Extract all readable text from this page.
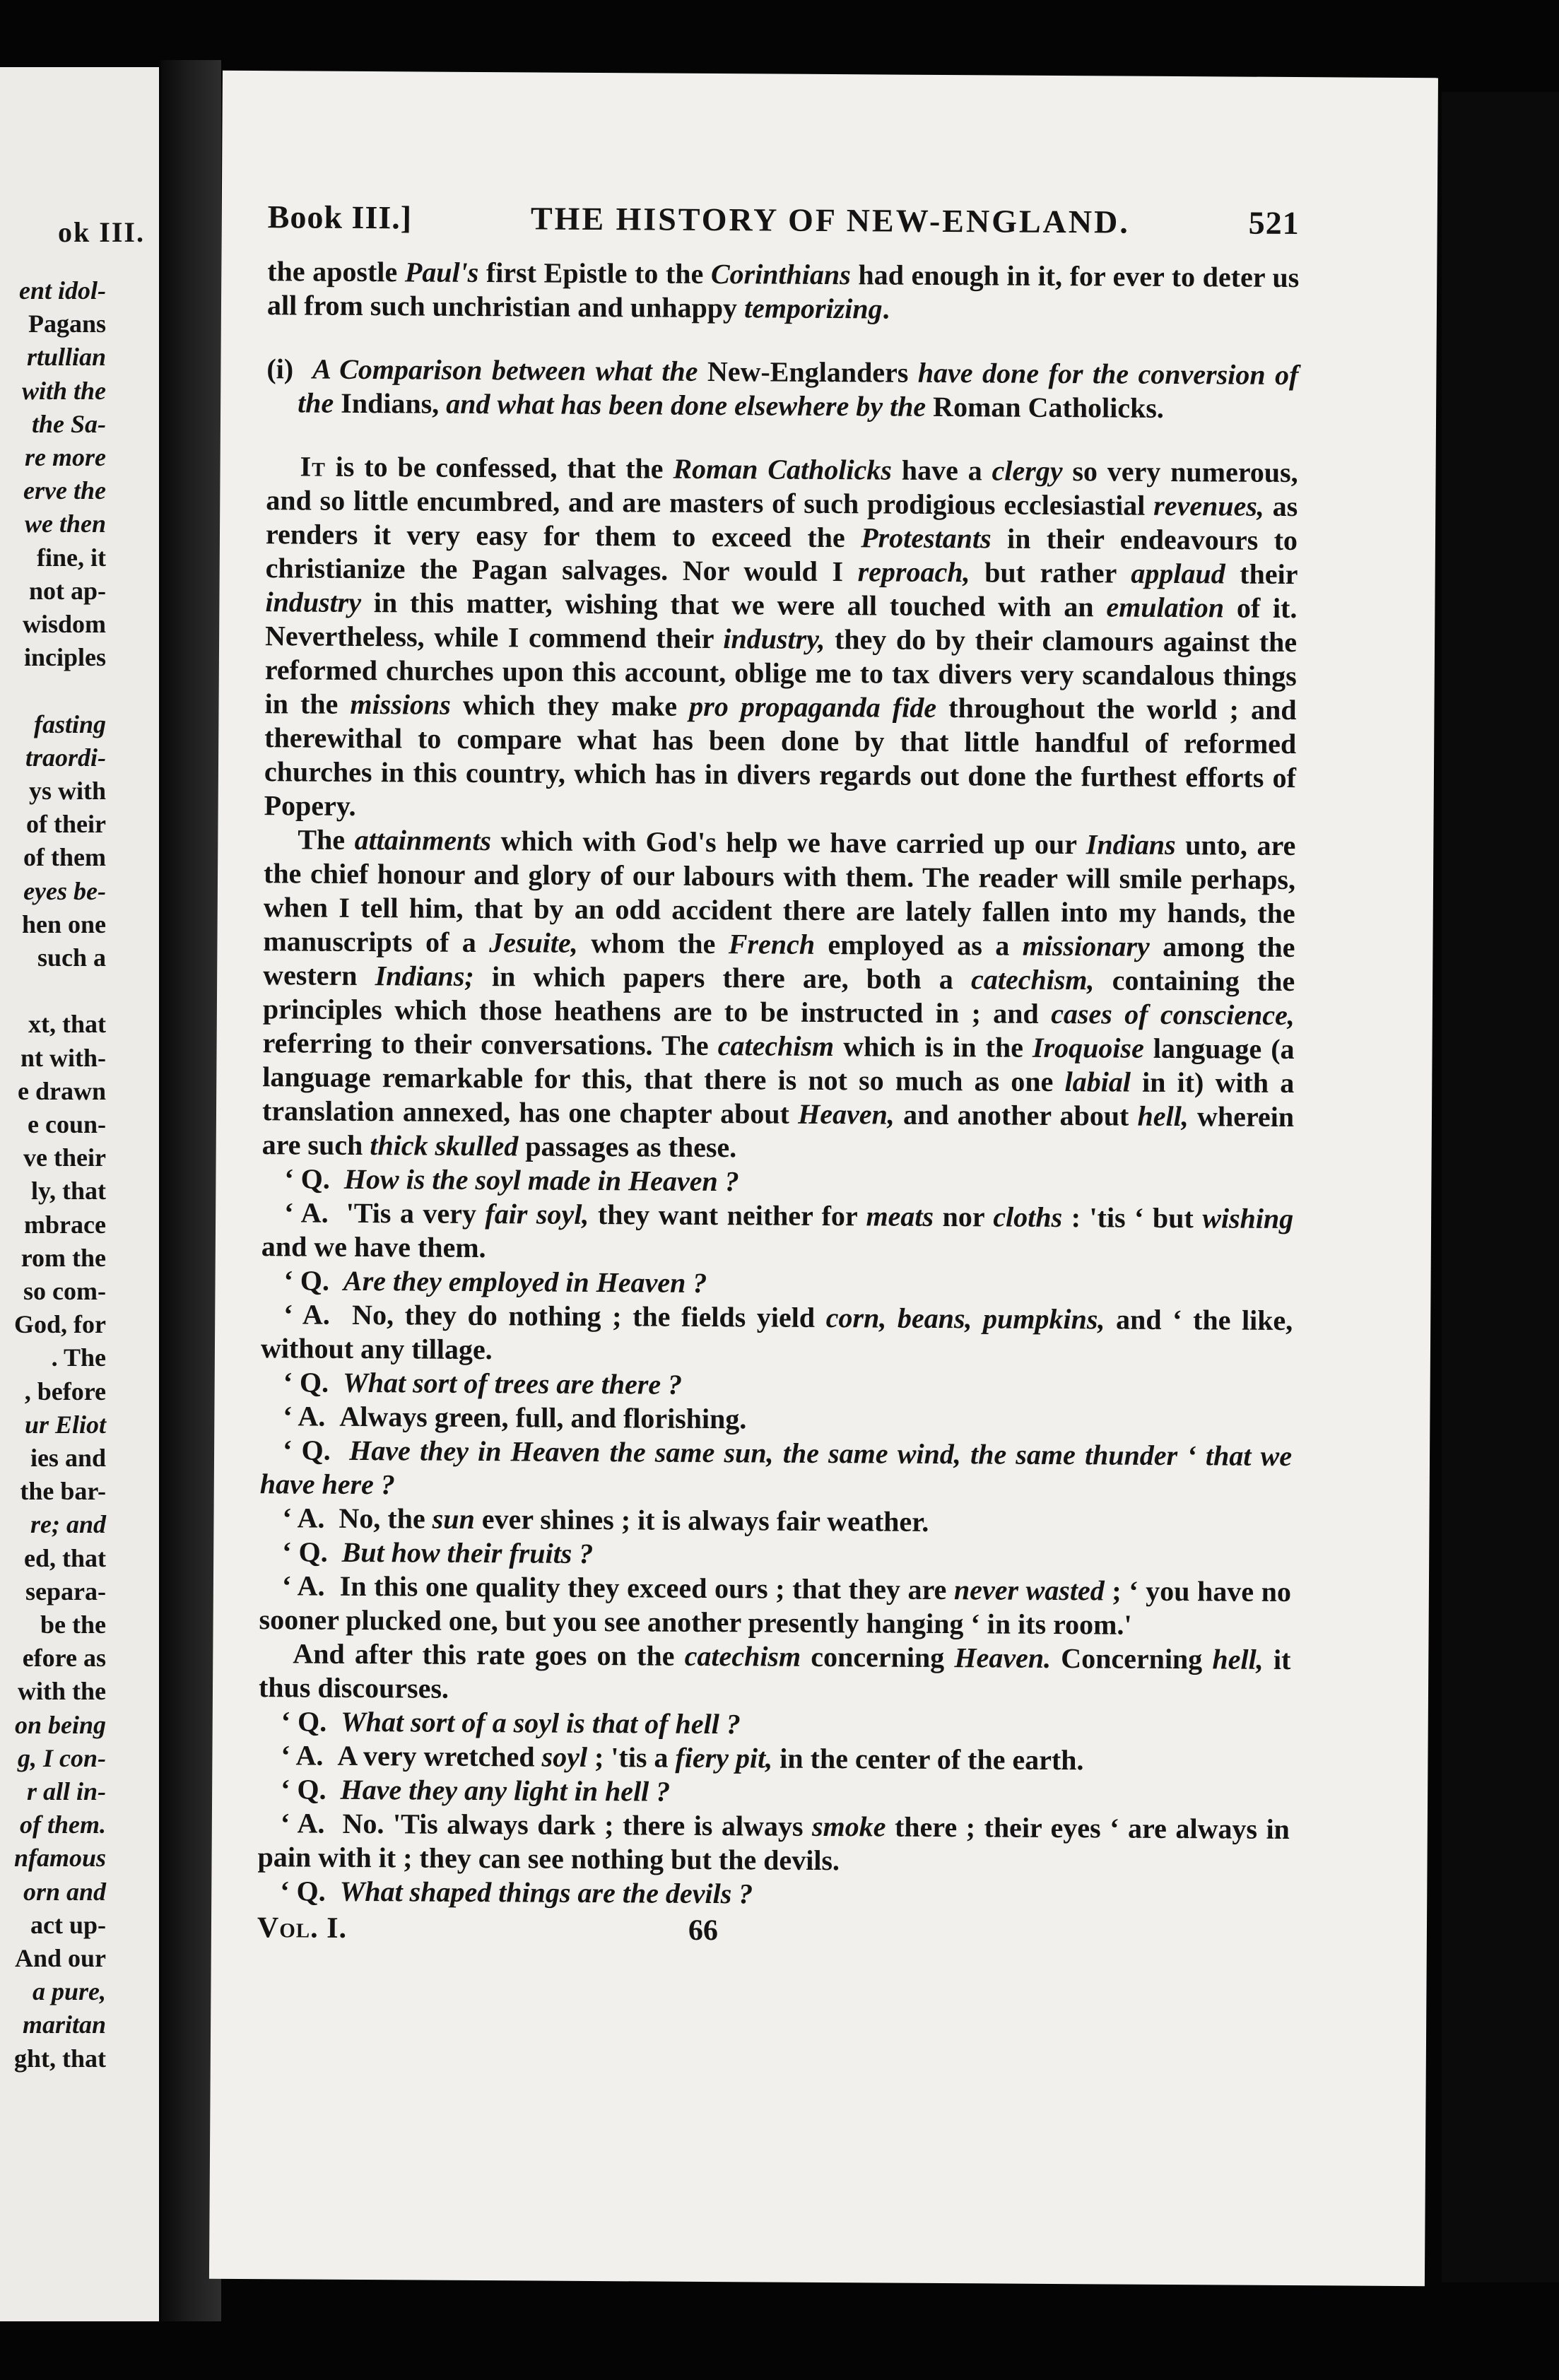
ok III.
ent idol-
Pagans
rtullian
with the
the Sa-
re more
erve the
we then
fine, it
not ap-
wisdom
inciples
fasting
traordi-
ys with
of their
of them
eyes be-
hen one
such a
xt, that
nt with-
e drawn
e coun-
ve their
ly, that
mbrace
rom the
so com-
God, for
. The
, before
ur Eliot
ies and
the bar-
re; and
ed, that
separa-
be the
efore as
with the
on being
g, I con-
r all in-
of them.
nfamous
orn and
act up-
And our
a pure,
maritan
ght, that
Book III.]	THE HISTORY OF NEW-ENGLAND.	521

the apostle Paul's first Epistle to the Corinthians had enough in it, for ever to deter us all from such unchristian and unhappy temporizing.

(i) A Comparison between what the New-Englanders have done for the conversion of the Indians, and what has been done elsewhere by the Roman Catholicks.

It is to be confessed, that the Roman Catholicks have a clergy so very numerous, and so little encumbred, and are masters of such prodigious ecclesiastial revenues, as renders it very easy for them to exceed the Protestants in their endeavours to christianize the Pagan salvages. Nor would I reproach, but rather applaud their industry in this matter, wishing that we were all touched with an emulation of it. Nevertheless, while I commend their industry, they do by their clamours against the reformed churches upon this account, oblige me to tax divers very scandalous things in the missions which they make pro propaganda fide throughout the world ; and therewithal to compare what has been done by that little handful of reformed churches in this country, which has in divers regards out done the furthest efforts of Popery.

The attainments which with God's help we have carried up our Indians unto, are the chief honour and glory of our labours with them. The reader will smile perhaps, when I tell him, that by an odd accident there are lately fallen into my hands, the manuscripts of a Jesuite, whom the French employed as a missionary among the western Indians; in which papers there are, both a catechism, containing the principles which those heathens are to be instructed in ; and cases of conscience, referring to their conversations. The catechism which is in the Iroquoise language (a language remarkable for this, that there is not so much as one labial in it) with a translation annexed, has one chapter about Heaven, and another about hell, wherein are such thick skulled passages as these.

‘ Q. How is the soyl made in Heaven ?

‘ A. 'Tis a very fair soyl, they want neither for meats nor cloths : 'tis ‘ but wishing and we have them.

‘ Q. Are they employed in Heaven ?

‘ A. No, they do nothing ; the fields yield corn, beans, pumpkins, and ‘ the like, without any tillage.

‘ Q. What sort of trees are there ?

‘ A. Always green, full, and florishing.

‘ Q. Have they in Heaven the same sun, the same wind, the same thunder ‘ that we have here ?

‘ A. No, the sun ever shines ; it is always fair weather.

‘ Q. But how their fruits ?

‘ A. In this one quality they exceed ours ; that they are never wasted ; ‘ you have no sooner plucked one, but you see another presently hanging ‘ in its room.'

And after this rate goes on the catechism concerning Heaven. Concerning hell, it thus discourses.

‘ Q. What sort of a soyl is that of hell ?

‘ A. A very wretched soyl ; 'tis a fiery pit, in the center of the earth.

‘ Q. Have they any light in hell ?

‘ A. No. 'Tis always dark ; there is always smoke there ; their eyes ‘ are always in pain with it ; they can see nothing but the devils.

‘ Q. What shaped things are the devils ?

Vol. I.	66
